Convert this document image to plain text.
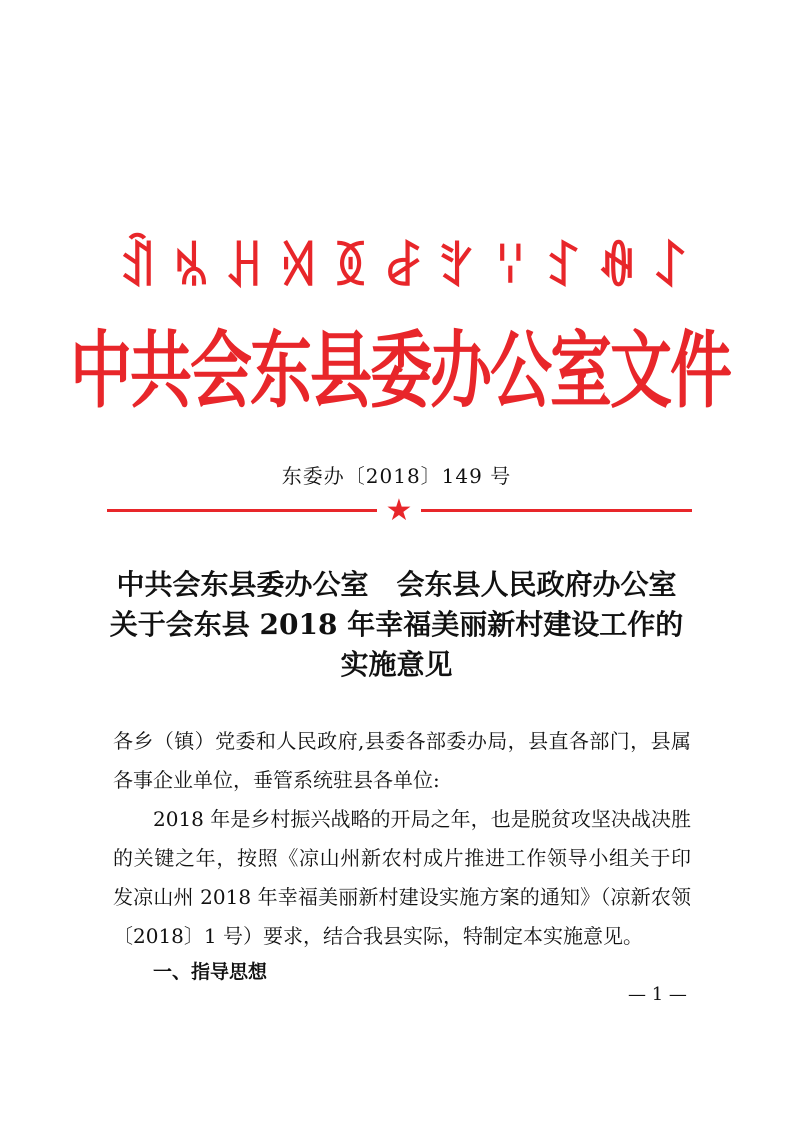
ꀉ ꁱ ꃅ ꄉ ꅉ ꆀ ꇬ ꈌ ꉘ ꊿ ꋍ
中共会东县委办公室文件
东委办〔2018〕149 号
★
中共会东县委办公室　会东县人民政府办公室
关于会东县 2018 年幸福美丽新村建设工作的
实施意见

各乡（镇）党委和人民政府,县委各部委办局，县直各部门，县属各事企业单位，垂管系统驻县各单位:

2018 年是乡村振兴战略的开局之年，也是脱贫攻坚决战决胜的关键之年，按照《凉山州新农村成片推进工作领导小组关于印发凉山州 2018 年幸福美丽新村建设实施方案的通知》（凉新农领〔2018〕1 号）要求，结合我县实际，特制定本实施意见。

一、指导思想
— 1 —
